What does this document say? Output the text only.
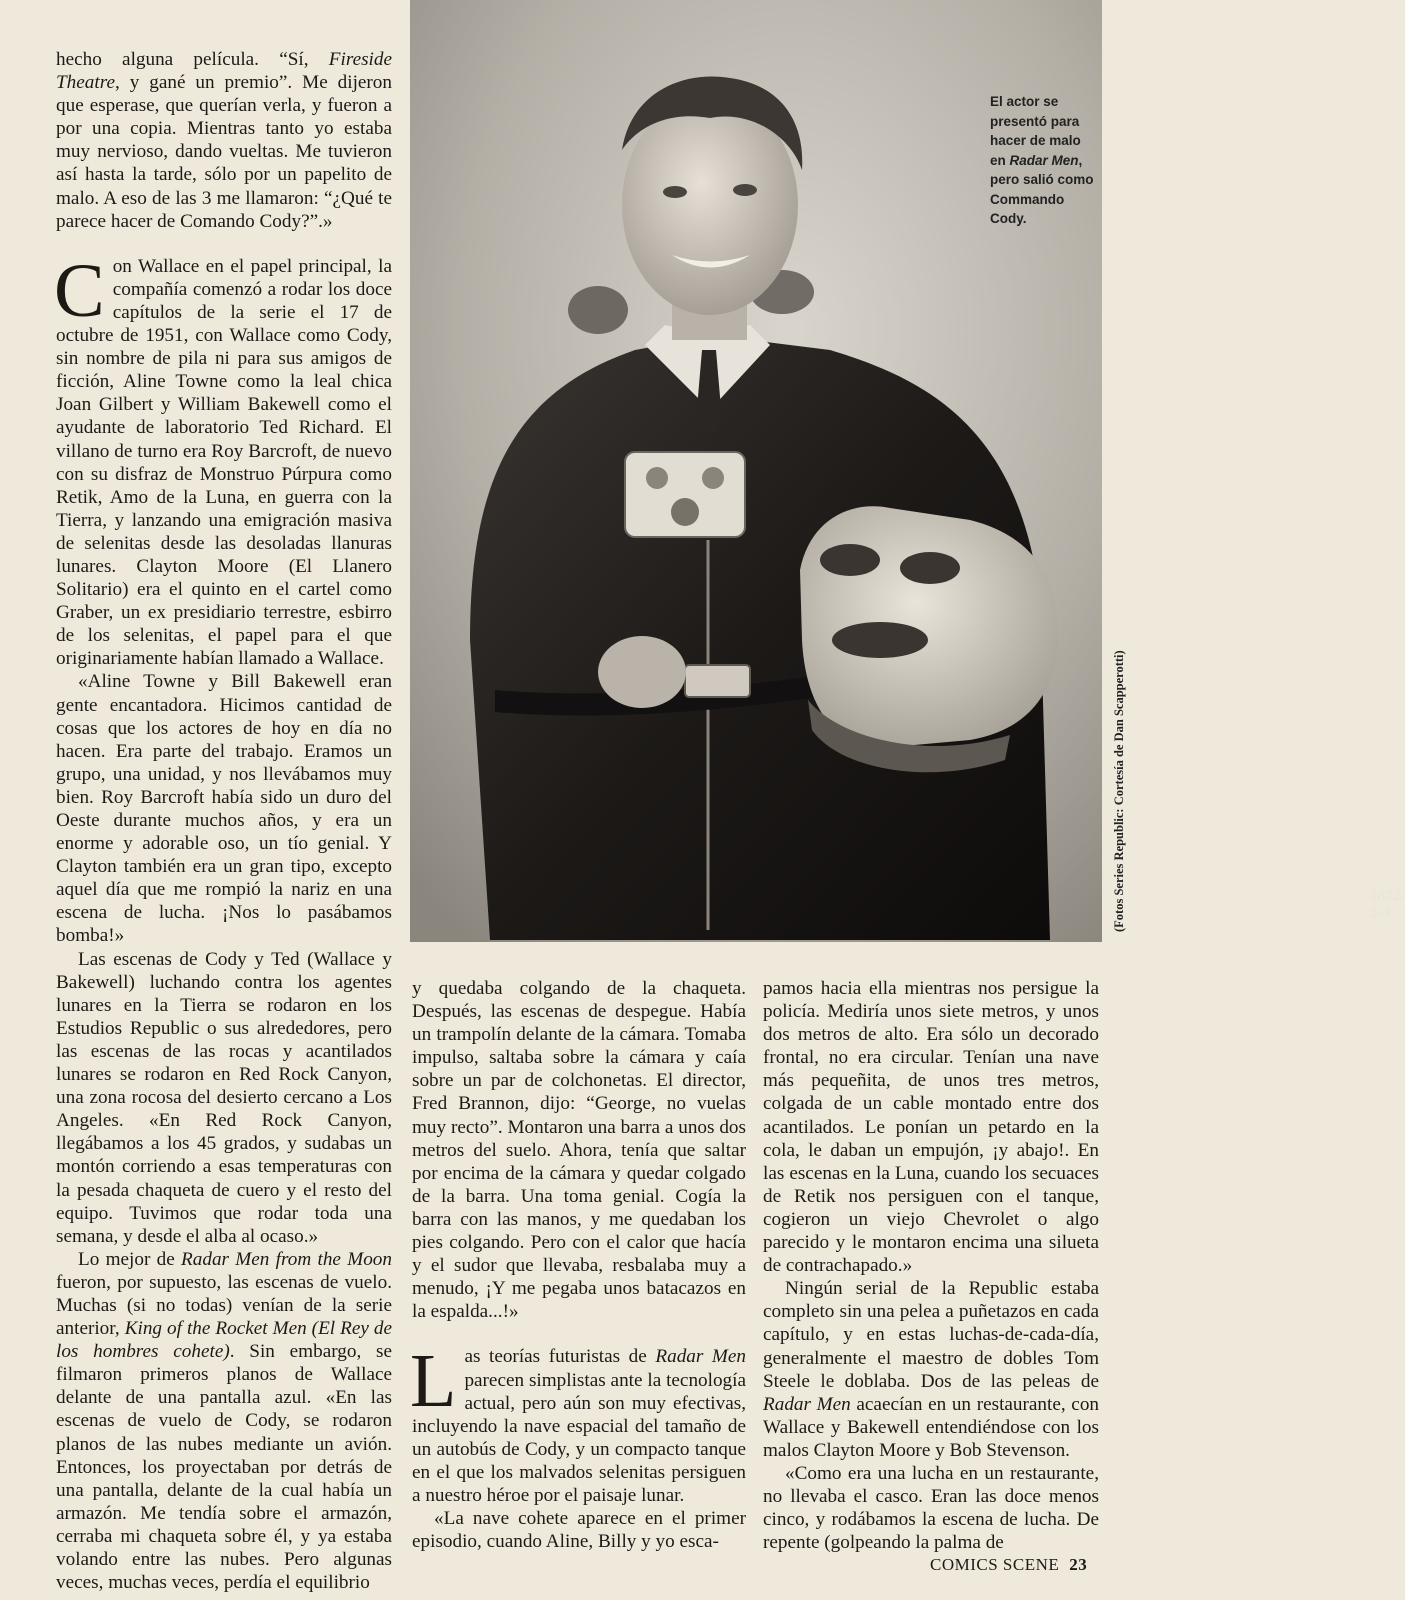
1832-5-3
El actor se presentó para hacer de malo en Radar Men, pero salió como Commando Cody.
(Fotos Series Republic: Cortesía de Dan Scapperotti)

hecho alguna película. “Sí, Fireside Theatre, y gané un premio”. Me dijeron que esperase, que querían verla, y fueron a por una copia. Mientras tanto yo estaba muy nervioso, dando vueltas. Me tuvieron así hasta la tarde, sólo por un papelito de malo. A eso de las 3 me llamaron: “¿Qué te parece hacer de Comando Cody?”.»

Con Wallace en el papel principal, la compañía comenzó a rodar los doce capítulos de la serie el 17 de octubre de 1951, con Wallace como Cody, sin nombre de pila ni para sus amigos de ficción, Aline Towne como la leal chica Joan Gilbert y William Bakewell como el ayudante de laboratorio Ted Richard. El villano de turno era Roy Barcroft, de nuevo con su disfraz de Monstruo Púrpura como Retik, Amo de la Luna, en guerra con la Tierra, y lanzando una emigración masiva de selenitas desde las desoladas llanuras lunares. Clayton Moore (El Llanero Solitario) era el quinto en el cartel como Graber, un ex presidiario terrestre, esbirro de los selenitas, el papel para el que originariamente habían llamado a Wallace.

«Aline Towne y Bill Bakewell eran gente encantadora. Hicimos cantidad de cosas que los actores de hoy en día no hacen. Era parte del trabajo. Eramos un grupo, una unidad, y nos llevábamos muy bien. Roy Barcroft había sido un duro del Oeste durante muchos años, y era un enorme y adorable oso, un tío genial. Y Clayton también era un gran tipo, excepto aquel día que me rompió la nariz en una escena de lucha. ¡Nos lo pasábamos bomba!»

Las escenas de Cody y Ted (Wallace y Bakewell) luchando contra los agentes lunares en la Tierra se rodaron en los Estudios Republic o sus alrededores, pero las escenas de las rocas y acantilados lunares se rodaron en Red Rock Canyon, una zona rocosa del desierto cercano a Los Angeles. «En Red Rock Canyon, llegábamos a los 45 grados, y sudabas un montón corriendo a esas temperaturas con la pesada chaqueta de cuero y el resto del equipo. Tuvimos que rodar toda una semana, y desde el alba al ocaso.»

Lo mejor de Radar Men from the Moon fueron, por supuesto, las escenas de vuelo. Muchas (si no todas) venían de la serie anterior, King of the Rocket Men (El Rey de los hombres cohete). Sin embargo, se filmaron primeros planos de Wallace delante de una pantalla azul. «En las escenas de vuelo de Cody, se rodaron planos de las nubes mediante un avión. Entonces, los proyectaban por detrás de una pantalla, delante de la cual había un armazón. Me tendía sobre el armazón, cerraba mi chaqueta sobre él, y ya estaba volando entre las nubes. Pero algunas veces, muchas veces, perdía el equilibrio

y quedaba colgando de la chaqueta. Después, las escenas de despegue. Había un trampolín delante de la cámara. Tomaba impulso, saltaba sobre la cámara y caía sobre un par de colchonetas. El director, Fred Brannon, dijo: “George, no vuelas muy recto”. Montaron una barra a unos dos metros del suelo. Ahora, tenía que saltar por encima de la cámara y quedar colgado de la barra. Una toma genial. Cogía la barra con las manos, y me quedaban los pies colgando. Pero con el calor que hacía y el sudor que llevaba, resbalaba muy a menudo, ¡Y me pegaba unos batacazos en la espalda...!»

Las teorías futuristas de Radar Men parecen simplistas ante la tecnología actual, pero aún son muy efectivas, incluyendo la nave espacial del tamaño de un autobús de Cody, y un compacto tanque en el que los malvados selenitas persiguen a nuestro héroe por el paisaje lunar.

«La nave cohete aparece en el primer episodio, cuando Aline, Billy y yo esca-

pamos hacia ella mientras nos persigue la policía. Mediría unos siete metros, y unos dos metros de alto. Era sólo un decorado frontal, no era circular. Tenían una nave más pequeñita, de unos tres metros, colgada de un cable montado entre dos acantilados. Le ponían un petardo en la cola, le daban un empujón, ¡y abajo!. En las escenas en la Luna, cuando los secuaces de Retik nos persiguen con el tanque, cogieron un viejo Chevrolet o algo parecido y le montaron encima una silueta de contrachapado.»

Ningún serial de la Republic estaba completo sin una pelea a puñetazos en cada capítulo, y en estas luchas-de-cada-día, generalmente el maestro de dobles Tom Steele le doblaba. Dos de las peleas de Radar Men acaecían en un restaurante, con Wallace y Bakewell entendiéndose con los malos Clayton Moore y Bob Stevenson.

«Como era una lucha en un restaurante, no llevaba el casco. Eran las doce menos cinco, y rodábamos la escena de lucha. De repente (golpeando la palma de

COMICS SCENE 23
